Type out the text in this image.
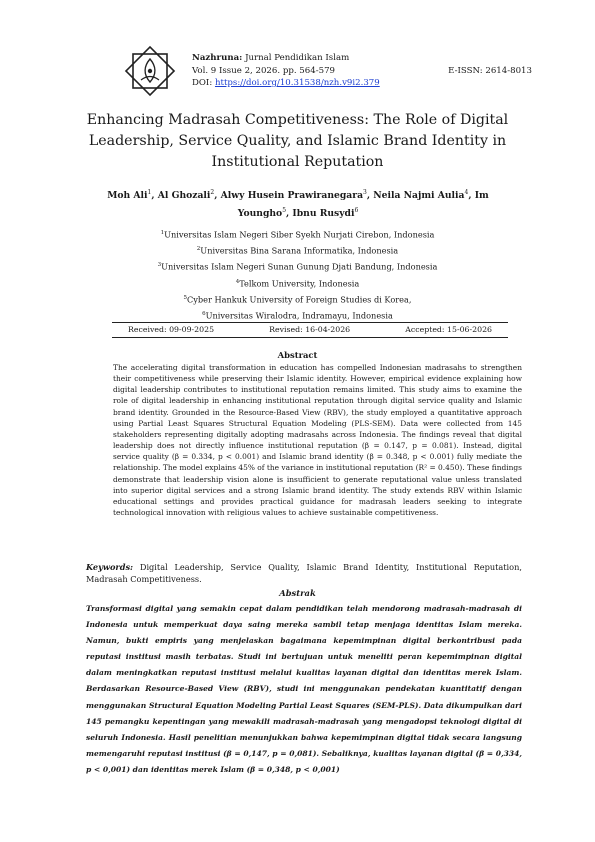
Nazhruna: Jurnal Pendidikan Islam
Vol. 9 Issue 2, 2026. pp. 564-579	E-ISSN: 2614-8013
DOI: https://doi.org/10.31538/nzh.v9i2.379
Enhancing Madrasah Competitiveness: The Role of Digital Leadership, Service Quality, and Islamic Brand Identity in Institutional Reputation
Moh Ali$^1$, Al Ghozali$^2$, Alwy Husein Prawiranegara$^3$, Neila Najmi Aulia$^4$, Im Youngho$^5$, Ibnu Rusydi$^6$
$^1$Universitas Islam Negeri Siber Syekh Nurjati Cirebon, Indonesia
$^2$Universitas Bina Sarana Informatika, Indonesia
$^3$Universitas Islam Negeri Sunan Gunung Djati Bandung, Indonesia
$^4$Telkom University, Indonesia
$^5$Cyber Hankuk University of Foreign Studies di Korea,
$^6$Universitas Wiralodra, Indramayu, Indonesia
Received: 09-09-2025	Revised: 16-04-2026	Accepted: 15-06-2026
Abstract
The accelerating digital transformation in education has compelled Indonesian madrasahs to strengthen their competitiveness while preserving their Islamic identity. However, empirical evidence explaining how digital leadership contributes to institutional reputation remains limited. This study aims to examine the role of digital leadership in enhancing institutional reputation through digital service quality and Islamic brand identity. Grounded in the Resource-Based View (RBV), the study employed a quantitative approach using Partial Least Squares Structural Equation Modeling (PLS-SEM). Data were collected from 145 stakeholders representing digitally adopting madrasahs across Indonesia. The findings reveal that digital leadership does not directly influence institutional reputation (β = 0.147, p = 0.081). Instead, digital service quality (β = 0.334, p < 0.001) and Islamic brand identity (β = 0.348, p < 0.001) fully mediate the relationship. The model explains 45% of the variance in institutional reputation (R² = 0.450). These findings demonstrate that leadership vision alone is insufficient to generate reputational value unless translated into superior digital services and a strong Islamic brand identity. The study extends RBV within Islamic educational settings and provides practical guidance for madrasah leaders seeking to integrate technological innovation with religious values to achieve sustainable competitiveness.
Keywords: Digital Leadership, Service Quality, Islamic Brand Identity, Institutional Reputation, Madrasah Competitiveness.
Abstrak
Transformasi digital yang semakin cepat dalam pendidikan telah mendorong madrasah-madrasah di Indonesia untuk memperkuat daya saing mereka sambil tetap menjaga identitas Islam mereka. Namun, bukti empiris yang menjelaskan bagaimana kepemimpinan digital berkontribusi pada reputasi institusi masih terbatas. Studi ini bertujuan untuk meneliti peran kepemimpinan digital dalam meningkatkan reputasi institusi melalui kualitas layanan digital dan identitas merek Islam. Berdasarkan Resource-Based View (RBV), studi ini menggunakan pendekatan kuantitatif dengan menggunakan Structural Equation Modeling Partial Least Squares (SEM-PLS). Data dikumpulkan dari 145 pemangku kepentingan yang mewakili madrasah-madrasah yang mengadopsi teknologi digital di seluruh Indonesia. Hasil penelitian menunjukkan bahwa kepemimpinan digital tidak secara langsung memengaruhi reputasi institusi (β = 0,147, p = 0,081). Sebaliknya, kualitas layanan digital (β = 0,334, p < 0,001) dan identitas merek Islam (β = 0,348, p < 0,001)
